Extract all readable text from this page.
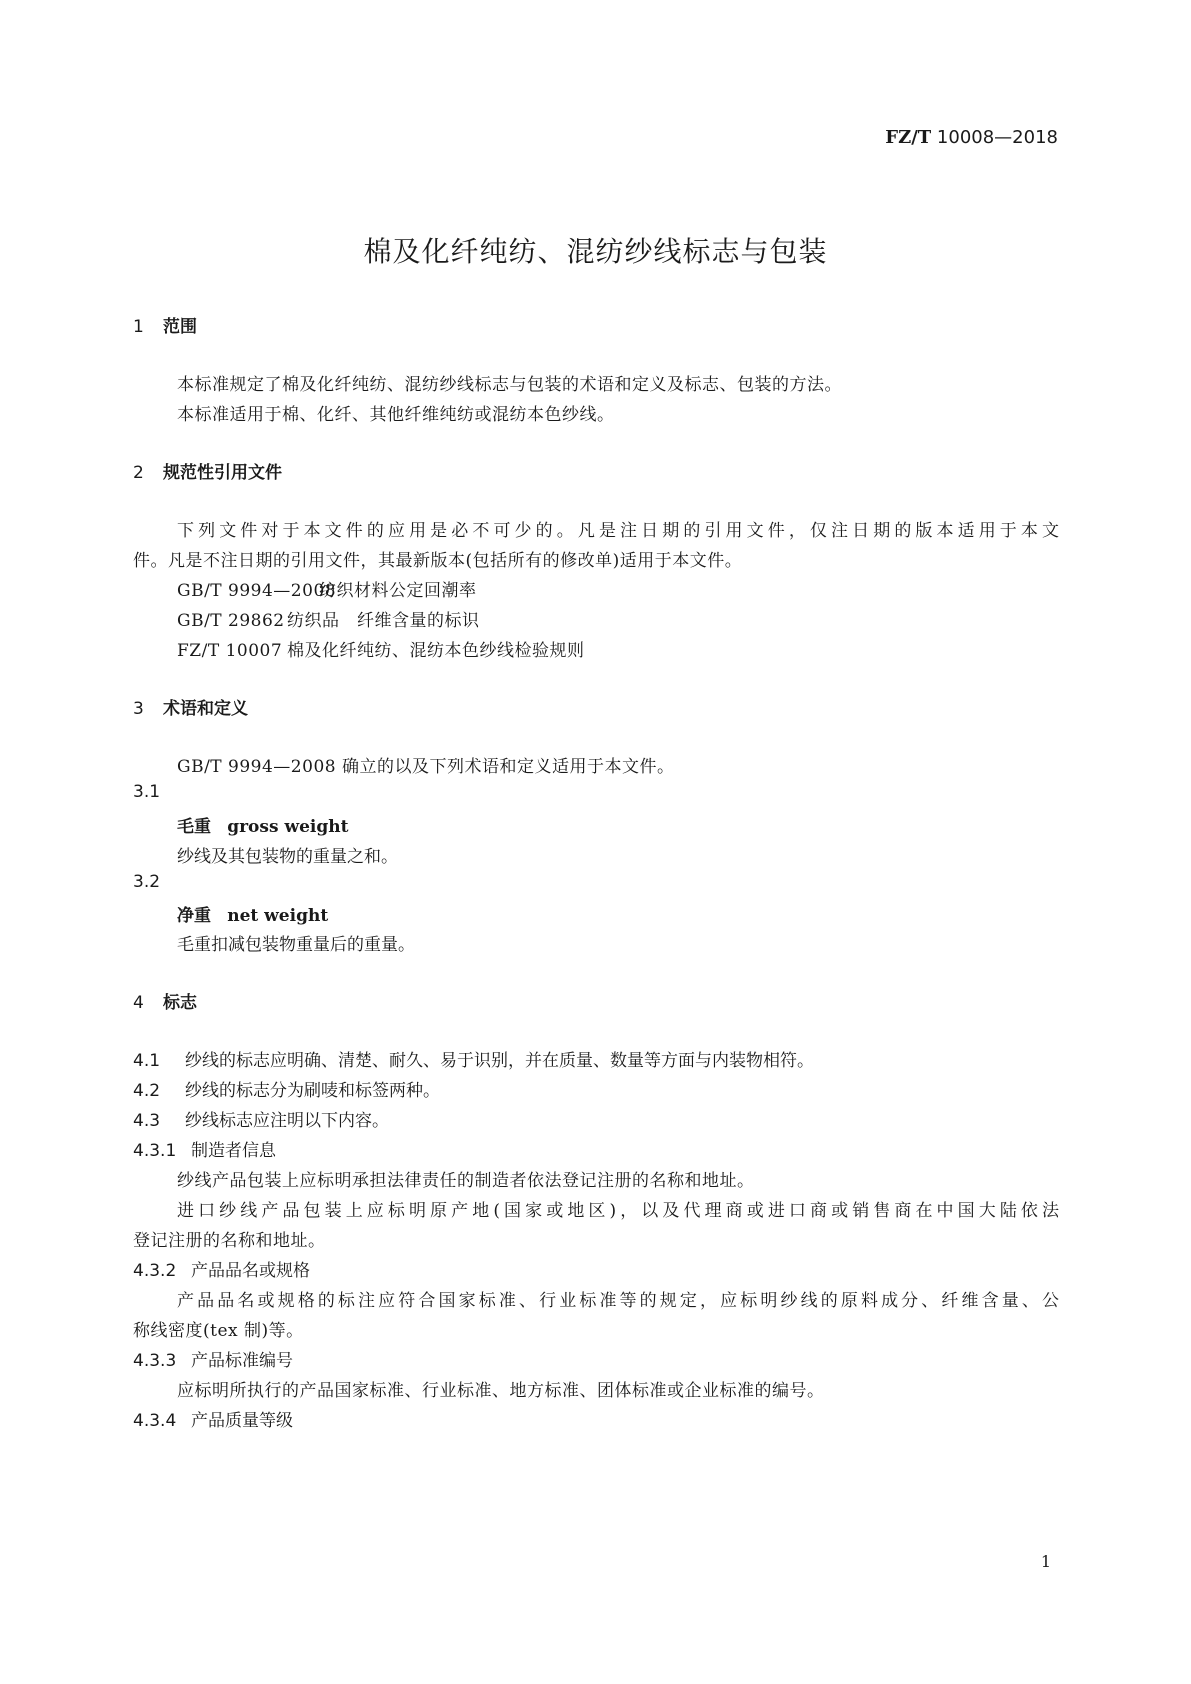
FZ/T 10008—2018
棉及化纤纯纺、混纺纱线标志与包装
1 范围
本标准规定了棉及化纤纯纺、混纺纱线标志与包装的术语和定义及标志、包装的方法。
本标准适用于棉、化纤、其他纤维纯纺或混纺本色纱线。
2 规范性引用文件
下列文件对于本文件的应用是必不可少的。凡是注日期的引用文件，仅注日期的版本适用于本文
件。凡是不注日期的引用文件，其最新版本(包括所有的修改单)适用于本文件。
GB/T 9994—2008纺织材料公定回潮率
GB/T 29862 纺织品　纤维含量的标识
FZ/T 10007 棉及化纤纯纺、混纺本色纱线检验规则
3 术语和定义
GB/T 9994—2008 确立的以及下列术语和定义适用于本文件。
3.1
毛重 gross weight
纱线及其包装物的重量之和。
3.2
净重 net weight
毛重扣减包装物重量后的重量。
4 标志
4.1 纱线的标志应明确、清楚、耐久、易于识别，并在质量、数量等方面与内装物相符。
4.2 纱线的标志分为刷唛和标签两种。
4.3 纱线标志应注明以下内容。
4.3.1 制造者信息
纱线产品包装上应标明承担法律责任的制造者依法登记注册的名称和地址。
进口纱线产品包装上应标明原产地(国家或地区)，以及代理商或进口商或销售商在中国大陆依法
登记注册的名称和地址。
4.3.2 产品品名或规格
产品品名或规格的标注应符合国家标准、行业标准等的规定，应标明纱线的原料成分、纤维含量、公
称线密度(tex 制)等。
4.3.3 产品标准编号
应标明所执行的产品国家标准、行业标准、地方标准、团体标准或企业标准的编号。
4.3.4 产品质量等级
1
